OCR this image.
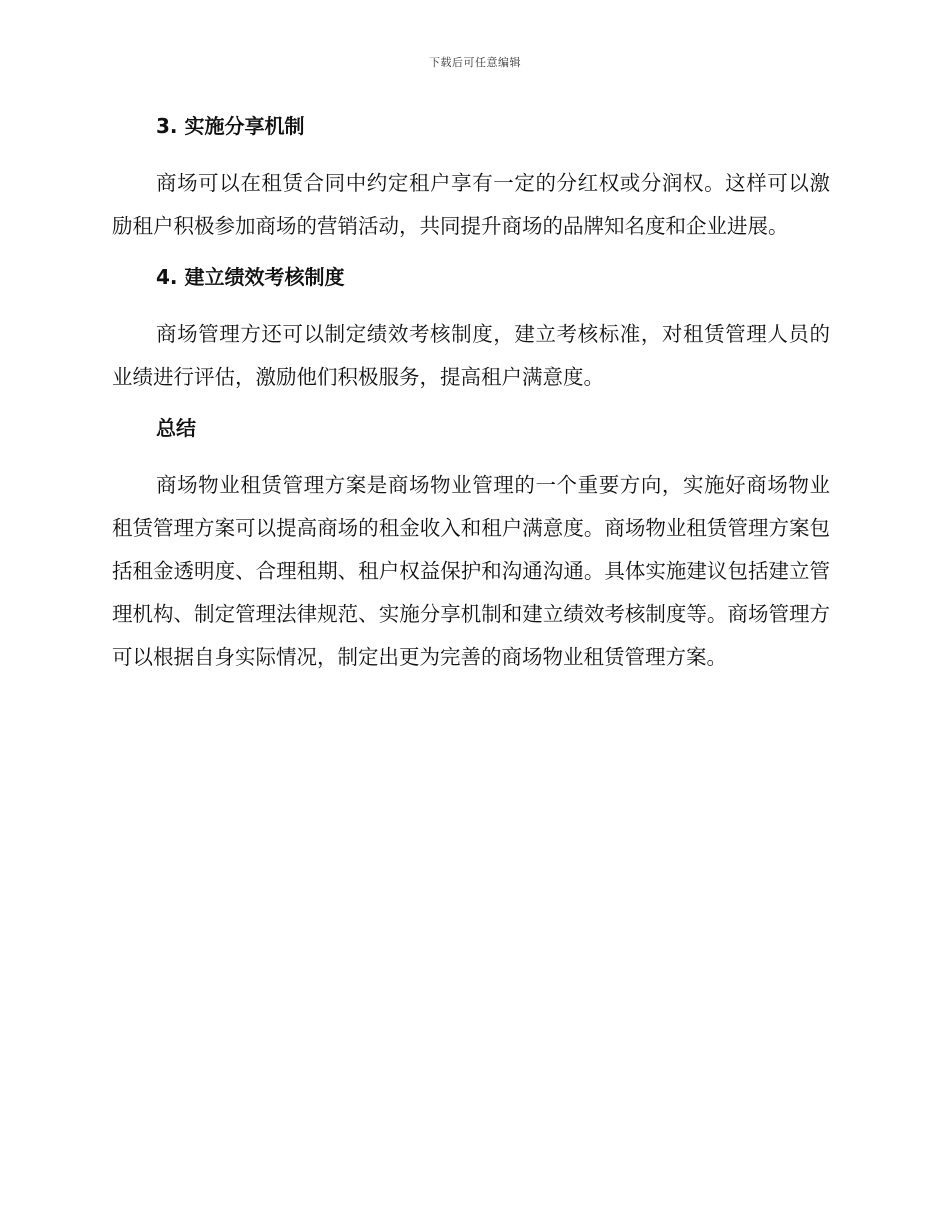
下载后可任意编辑
3. 实施分享机制

商场可以在租赁合同中约定租户享有一定的分红权或分润权。这样可以激励租户积极参加商场的营销活动，共同提升商场的品牌知名度和企业进展。

4. 建立绩效考核制度

商场管理方还可以制定绩效考核制度，建立考核标准，对租赁管理人员的业绩进行评估，激励他们积极服务，提高租户满意度。

总结

商场物业租赁管理方案是商场物业管理的一个重要方向，实施好商场物业租赁管理方案可以提高商场的租金收入和租户满意度。商场物业租赁管理方案包括租金透明度、合理租期、租户权益保护和沟通沟通。具体实施建议包括建立管理机构、制定管理法律规范、实施分享机制和建立绩效考核制度等。商场管理方可以根据自身实际情况，制定出更为完善的商场物业租赁管理方案。
